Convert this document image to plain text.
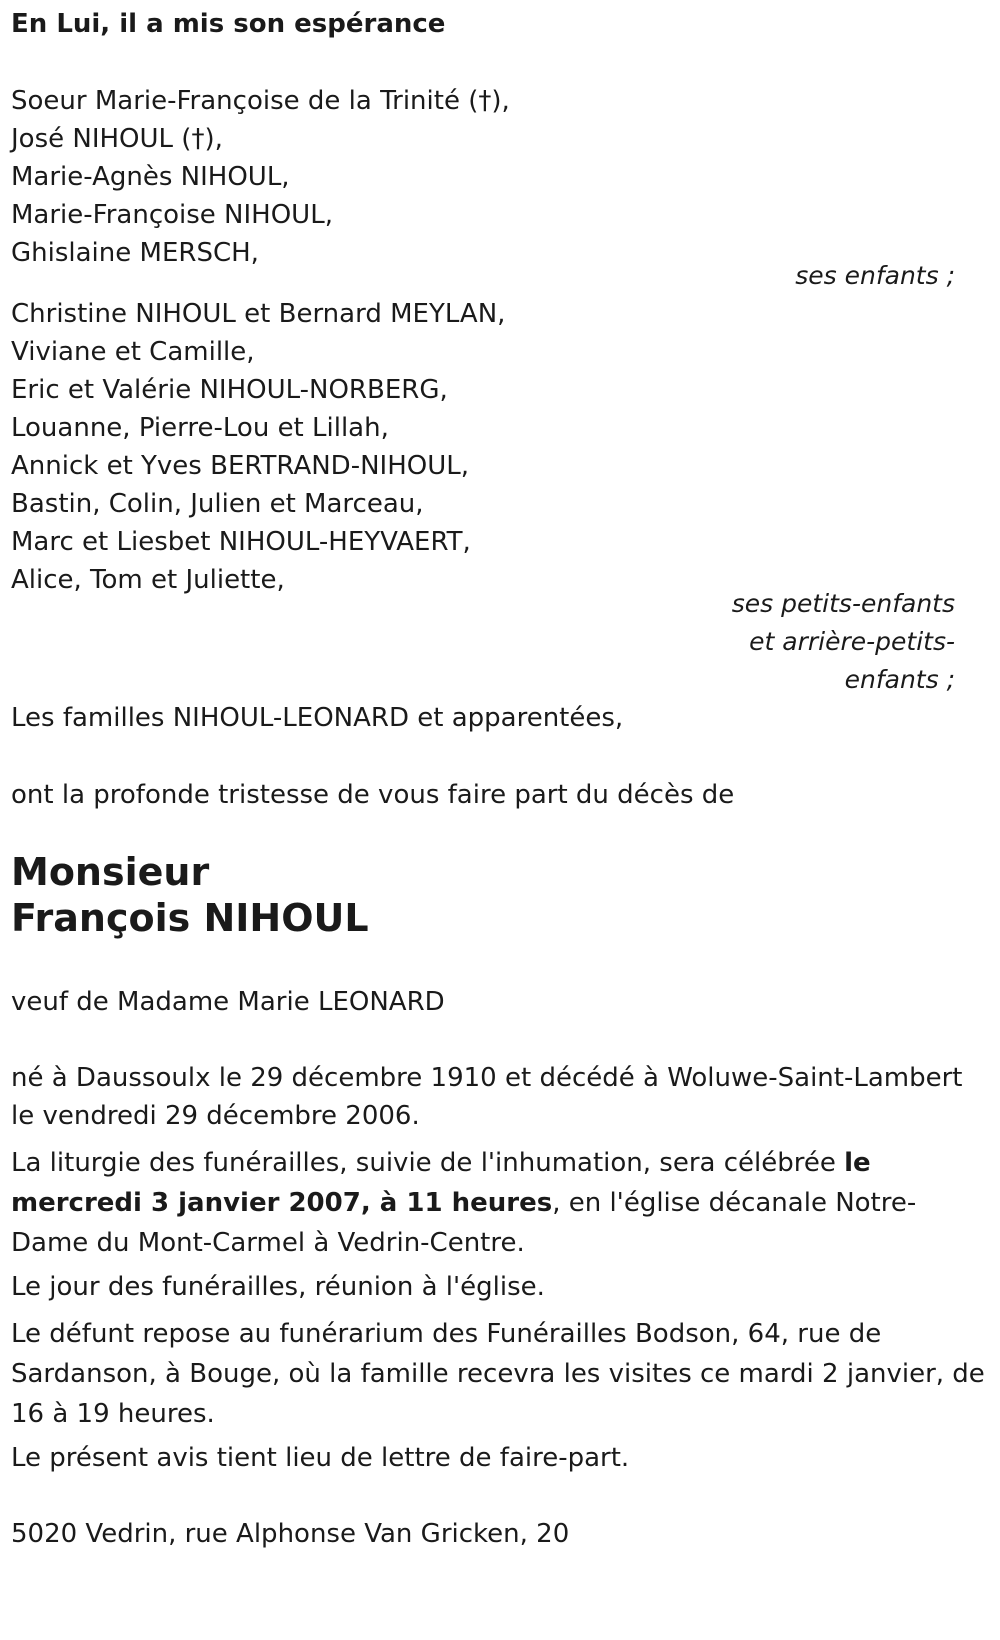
En Lui, il a mis son espérance
Soeur Marie-Françoise de la Trinité (†),
José NIHOUL (†),
Marie-Agnès NIHOUL,
Marie-Françoise NIHOUL,
Ghislaine MERSCH,
ses enfants ;
Christine NIHOUL et Bernard MEYLAN,
Viviane et Camille,
Eric et Valérie NIHOUL-NORBERG,
Louanne, Pierre-Lou et Lillah,
Annick et Yves BERTRAND-NIHOUL,
Bastin, Colin, Julien et Marceau,
Marc et Liesbet NIHOUL-HEYVAERT,
Alice, Tom et Juliette,
ses petits-enfants
et arrière-petits-
enfants ;
Les familles NIHOUL-LEONARD et apparentées,
ont la profonde tristesse de vous faire part du décès de
Monsieur
François NIHOUL
veuf de Madame Marie LEONARD
né à Daussoulx le 29 décembre 1910 et décédé à Woluwe-Saint-Lambert
le vendredi 29 décembre 2006.
La liturgie des funérailles, suivie de l'inhumation, sera célébrée le mercredi 3 janvier 2007, à 11 heures, en l'église décanale Notre-Dame du Mont-Carmel à Vedrin-Centre.
Le jour des funérailles, réunion à l'église.
Le défunt repose au funérarium des Funérailles Bodson, 64, rue de Sardanson, à Bouge, où la famille recevra les visites ce mardi 2 janvier, de 16 à 19 heures.
Le présent avis tient lieu de lettre de faire-part.
5020 Vedrin, rue Alphonse Van Gricken, 20
